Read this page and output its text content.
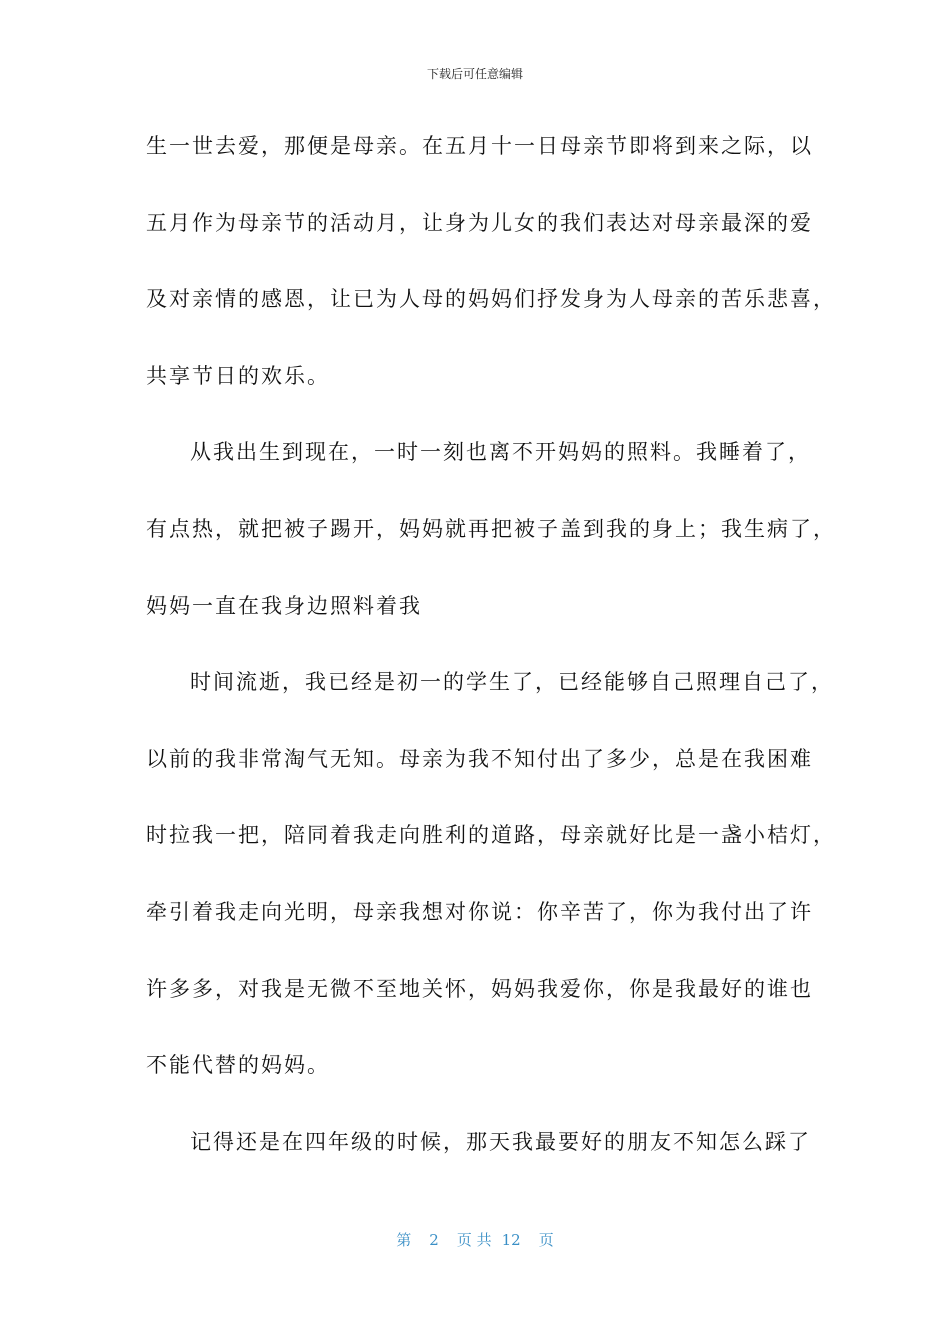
下载后可任意编辑
生一世去爱，那便是母亲。在五月十一日母亲节即将到来之际，以
五月作为母亲节的活动月，让身为儿女的我们表达对母亲最深的爱
及对亲情的感恩，让已为人母的妈妈们抒发身为人母亲的苦乐悲喜，
共享节日的欢乐。
从我出生到现在，一时一刻也离不开妈妈的照料。我睡着了，
有点热，就把被子踢开，妈妈就再把被子盖到我的身上；我生病了，
妈妈一直在我身边照料着我
时间流逝，我已经是初一的学生了，已经能够自己照理自己了，
以前的我非常淘气无知。母亲为我不知付出了多少，总是在我困难
时拉我一把，陪同着我走向胜利的道路，母亲就好比是一盏小桔灯，
牵引着我走向光明，母亲我想对你说：你辛苦了，你为我付出了许
许多多，对我是无微不至地关怀，妈妈我爱你，你是我最好的谁也
不能代替的妈妈。
记得还是在四年级的时候，那天我最要好的朋友不知怎么踩了
第 2 页 共 12 页
